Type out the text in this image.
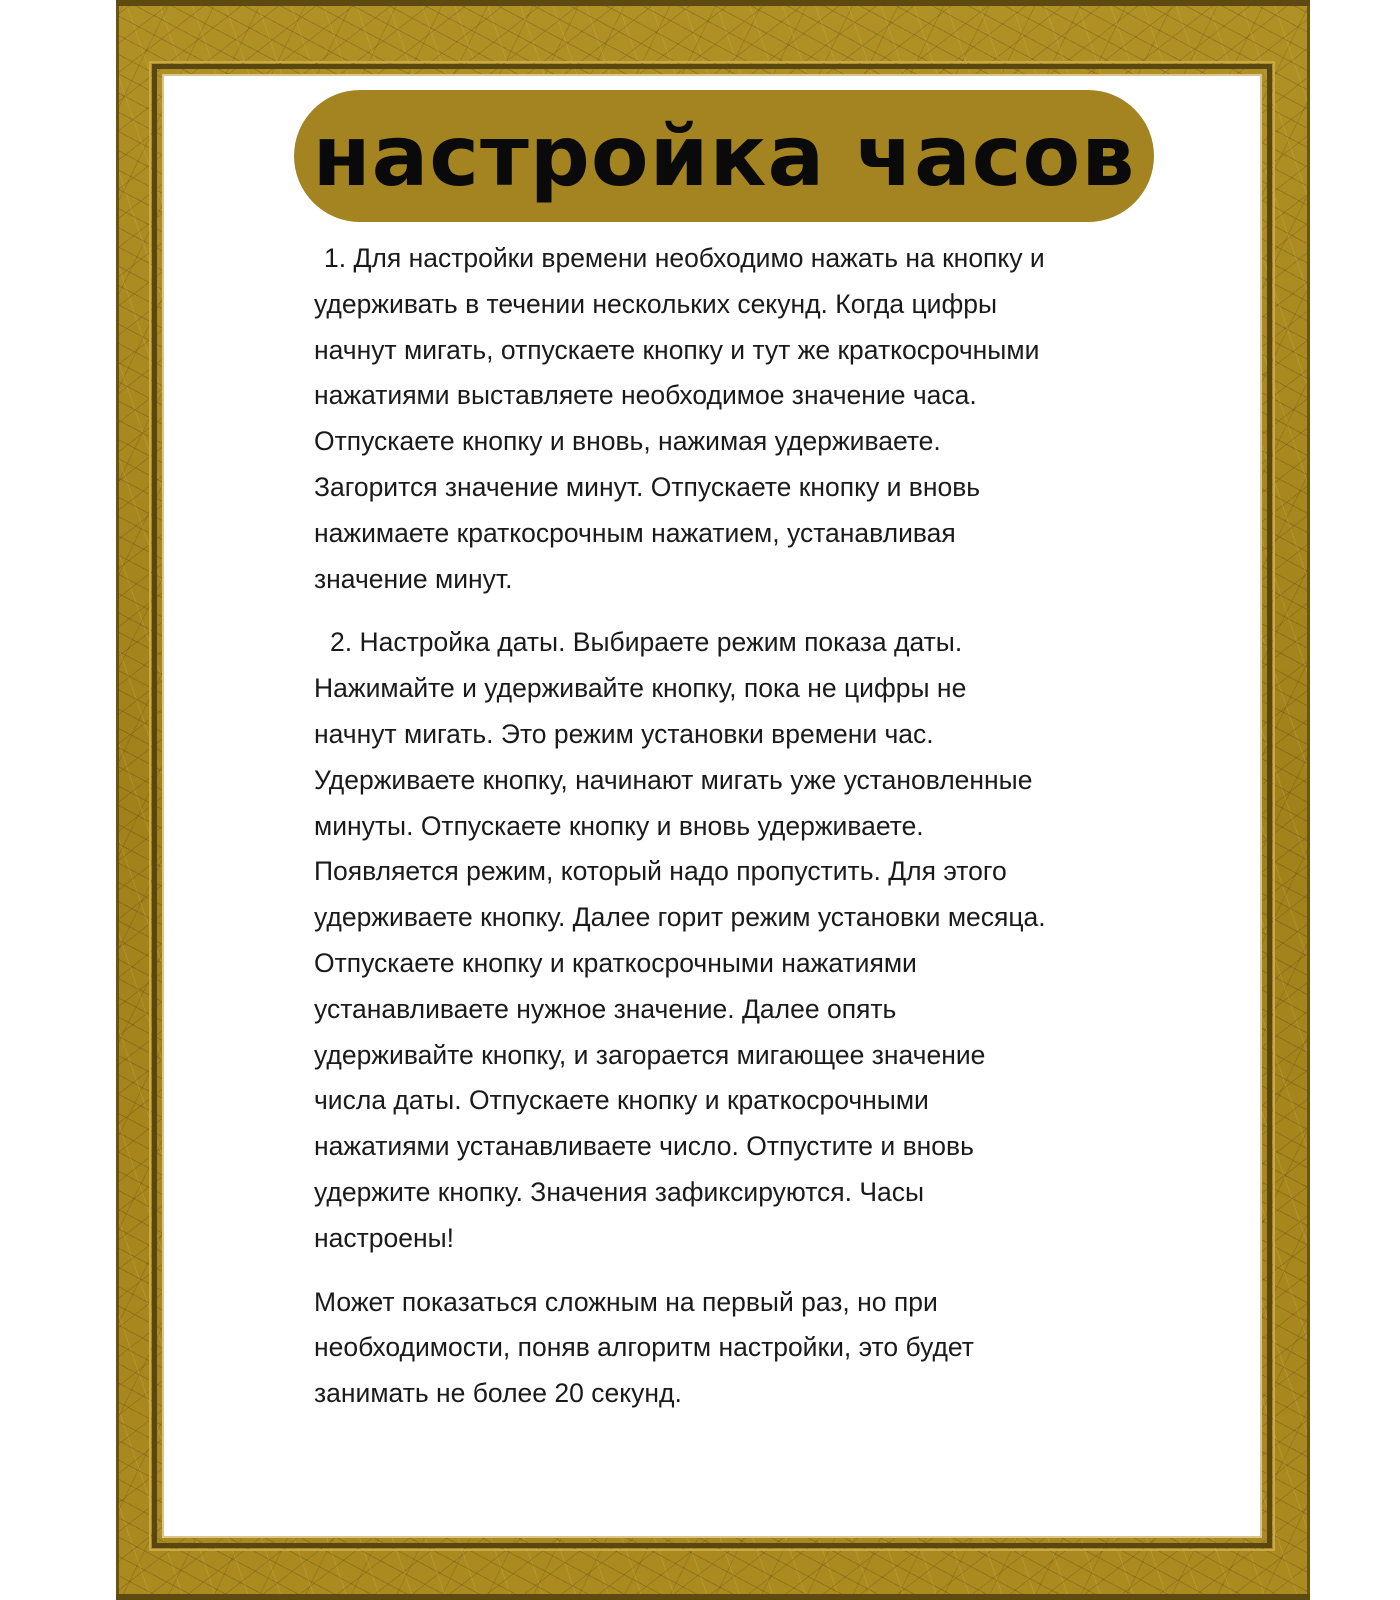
настройка часов

1. Для настройки времени необходимо нажать на кнопку и
удерживать в течении нескольких секунд. Когда цифры
начнут мигать, отпускаете кнопку и тут же краткосрочными
нажатиями выставляете необходимое значение часа.
Отпускаете кнопку и вновь, нажимая удерживаете.
Загорится значение минут. Отпускаете кнопку и вновь
нажимаете краткосрочным нажатием, устанавливая
значение минут.

2. Настройка даты. Выбираете режим показа даты.
Нажимайте и удерживайте кнопку, пока не цифры не
начнут мигать. Это режим установки времени час.
Удерживаете кнопку, начинают мигать уже установленные
минуты. Отпускаете кнопку и вновь удерживаете.
Появляется режим, который надо пропустить. Для этого
удерживаете кнопку. Далее горит режим установки месяца.
Отпускаете кнопку и краткосрочными нажатиями
устанавливаете нужное значение. Далее опять
удерживайте кнопку, и загорается мигающее значение
числа даты. Отпускаете кнопку и краткосрочными
нажатиями устанавливаете число. Отпустите и вновь
удержите кнопку. Значения зафиксируются. Часы
настроены!

Может показаться сложным на первый раз, но при
необходимости, поняв алгоритм настройки, это будет
занимать не более 20 секунд.
